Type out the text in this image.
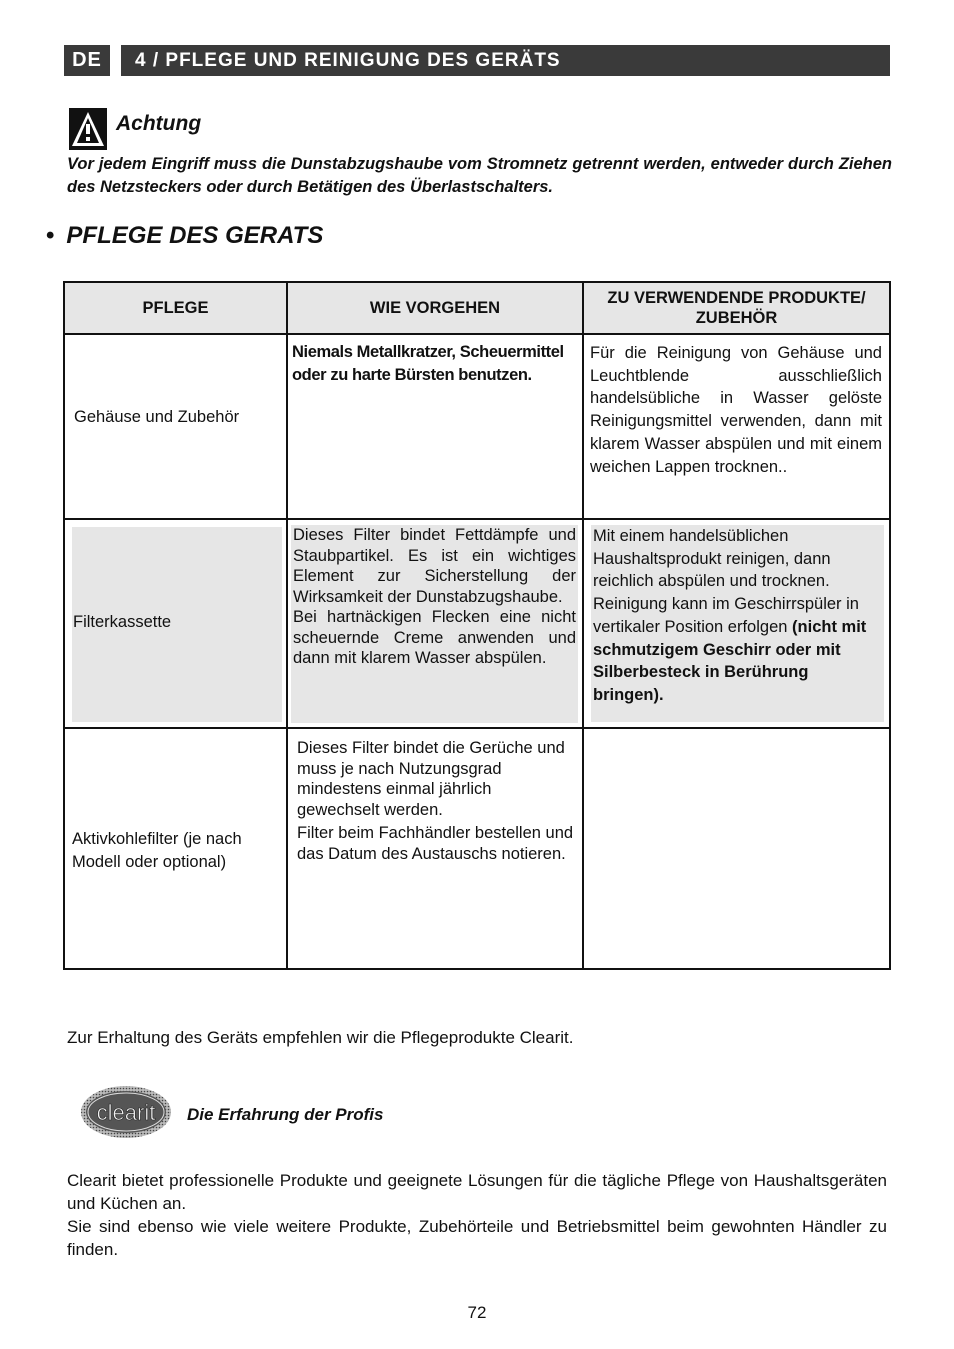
DE	4 / PFLEGE UND REINIGUNG DES GERÄTS
Achtung
Vor jedem Eingriff muss die Dunstabzugshaube vom Stromnetz getrennt werden, entweder durch Ziehen des Netzsteckers oder durch Betätigen des Überlastschalters.
• PFLEGE DES GERATS
PFLEGE	WIE VORGEHEN
ZU VERWENDENDE PRODUKTE/ ZUBEHÖR
Gehäuse und Zubehör
Niemals Metallkratzer, Scheuermittel oder zu harte Bürsten benutzen.
Für die Reinigung von Gehäuse und Leuchtblende ausschließlich handelsübliche in Wasser gelöste Reinigungsmittel verwenden, dann mit klarem Wasser abspülen und mit einem weichen Lappen trocknen..
Filterkassette
Dieses Filter bindet Fettdämpfe und Staubpartikel. Es ist ein wichtiges Element zur Sicherstellung der Wirksamkeit der Dunstabzugshaube.
Bei hartnäckigen Flecken eine nicht scheuernde Creme anwenden und dann mit klarem Wasser abspülen.
Mit einem handelsüblichen Haushaltsprodukt reinigen, dann reichlich abspülen und trocknen. Reinigung kann im Geschirrspüler in vertikaler Position erfolgen (nicht mit schmutzigem Geschirr oder mit Silberbesteck in Berührung bringen).
Aktivkohlefilter (je nach Modell oder optional)
Dieses Filter bindet die Gerüche und muss je nach Nutzungsgrad mindestens einmal jährlich gewechselt werden.
Filter beim Fachhändler bestellen und das Datum des Austauschs notieren.
Zur Erhaltung des Geräts empfehlen wir die Pflegeprodukte Clearit.
clearit Die Erfahrung der Profis
Clearit bietet professionelle Produkte und geeignete Lösungen für die tägliche Pflege von Haushaltsgeräten und Küchen an.
Sie sind ebenso wie viele weitere Produkte, Zubehörteile und Betriebsmittel beim gewohnten Händler zu finden.
72
